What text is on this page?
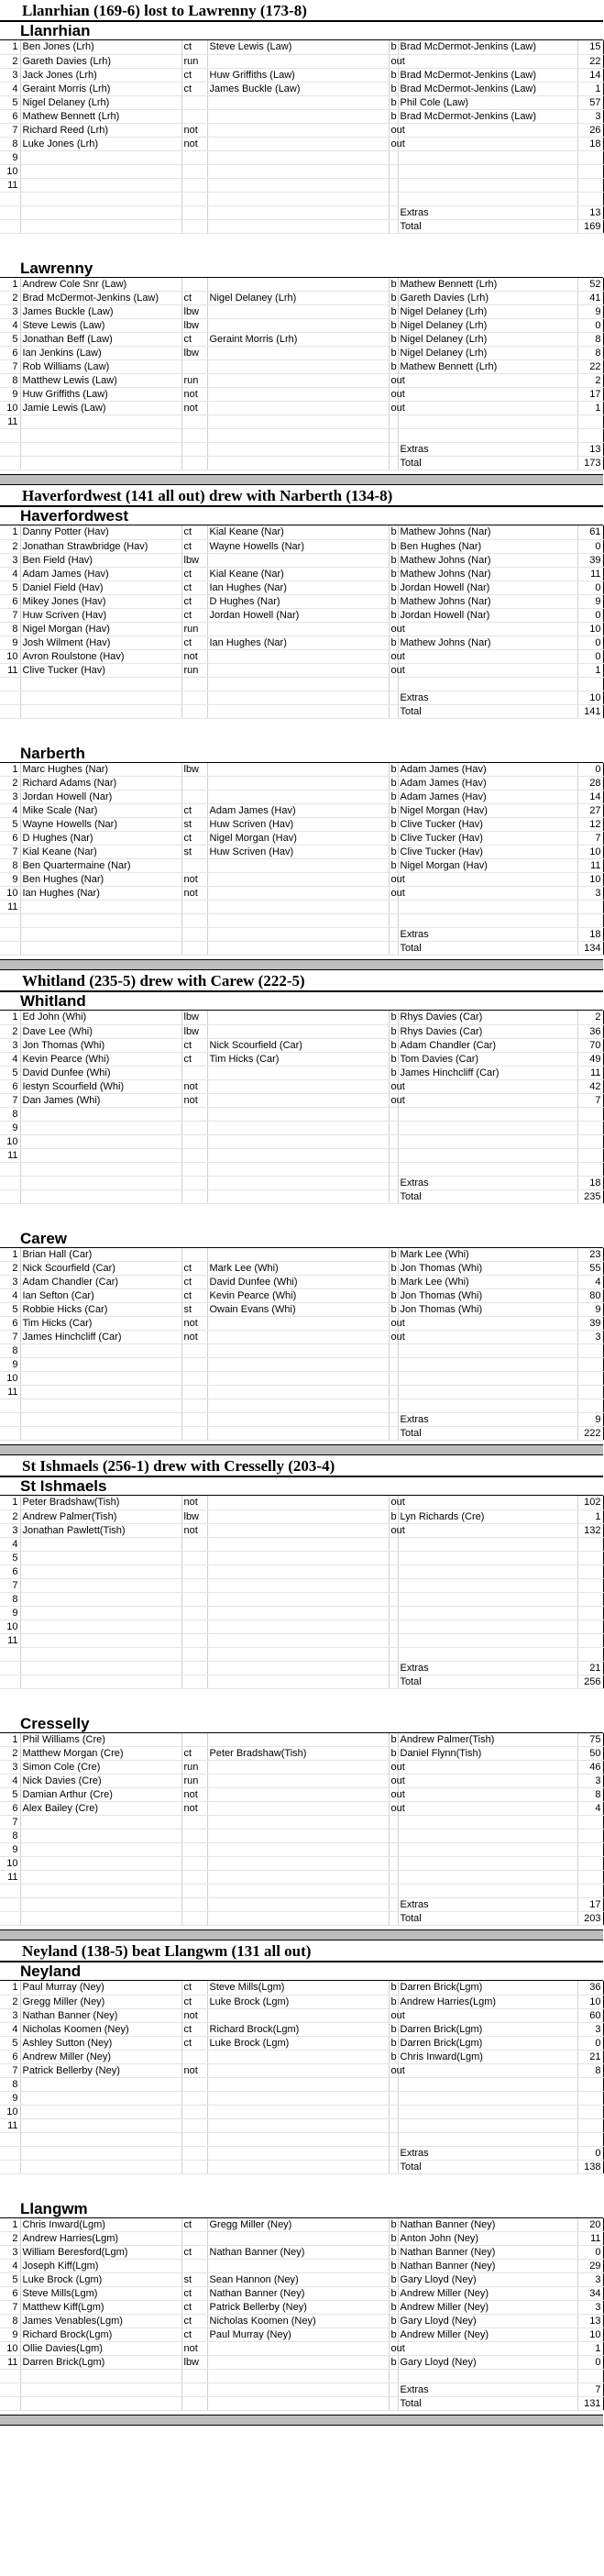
Llanrhian (169-6) lost to Lawrenny (173-8)
Llanrhian
1	Ben Jones (Lrh)	ct	Steve Lewis (Law)	b	Brad McDermot-Jenkins (Law)	15
2	Gareth Davies (Lrh)	run		out		22
3	Jack Jones (Lrh)	ct	Huw Griffiths (Law)	b	Brad McDermot-Jenkins (Law)	14
4	Geraint Morris (Lrh)	ct	James Buckle (Law)	b	Brad McDermot-Jenkins (Law)	1
5	Nigel Delaney (Lrh)			b	Phil Cole (Law)	57
6	Mathew Bennett (Lrh)			b	Brad McDermot-Jenkins (Law)	3
7	Richard Reed (Lrh)	not		out		26
8	Luke Jones (Lrh)	not		out		18
9						
10						
11						

					Extras	13
					Total	169
Lawrenny
1	Andrew Cole Snr (Law)			b	Mathew Bennett (Lrh)	52
2	Brad McDermot-Jenkins (Law)	ct	Nigel Delaney (Lrh)	b	Gareth Davies (Lrh)	41
3	James Buckle (Law)	lbw		b	Nigel Delaney (Lrh)	9
4	Steve Lewis (Law)	lbw		b	Nigel Delaney (Lrh)	0
5	Jonathan Beff (Law)	ct	Geraint Morris (Lrh)	b	Nigel Delaney (Lrh)	8
6	Ian Jenkins (Law)	lbw		b	Nigel Delaney (Lrh)	8
7	Rob Williams (Law)			b	Mathew Bennett (Lrh)	22
8	Matthew Lewis (Law)	run		out		2
9	Huw Griffiths (Law)	not		out		17
10	Jamie Lewis (Law)	not		out		1
11						

					Extras	13
					Total	173
Haverfordwest (141 all out) drew with Narberth (134-8)
Haverfordwest
1	Danny Potter (Hav)	ct	Kial Keane (Nar)	b	Mathew Johns (Nar)	61
2	Jonathan Strawbridge (Hav)	ct	Wayne Howells (Nar)	b	Ben Hughes (Nar)	0
3	Ben Field (Hav)	lbw		b	Mathew Johns (Nar)	39
4	Adam James (Hav)	ct	Kial Keane (Nar)	b	Mathew Johns (Nar)	11
5	Daniel Field (Hav)	ct	Ian Hughes (Nar)	b	Jordan Howell (Nar)	0
6	Mikey Jones (Hav)	ct	D Hughes (Nar)	b	Mathew Johns (Nar)	9
7	Huw Scriven (Hav)	ct	Jordan Howell (Nar)	b	Jordan Howell (Nar)	0
8	Nigel Morgan (Hav)	run		out		10
9	Josh Wilment (Hav)	ct	Ian Hughes (Nar)	b	Mathew Johns (Nar)	0
10	Avron Roulstone (Hav)	not		out		0
11	Clive Tucker (Hav)	run		out		1

					Extras	10
					Total	141
Narberth
1	Marc Hughes (Nar)	lbw		b	Adam James (Hav)	0
2	Richard Adams (Nar)			b	Adam James (Hav)	28
3	Jordan Howell (Nar)			b	Adam James (Hav)	14
4	Mike Scale (Nar)	ct	Adam James (Hav)	b	Nigel Morgan (Hav)	27
5	Wayne Howells (Nar)	st	Huw Scriven (Hav)	b	Clive Tucker (Hav)	12
6	D Hughes (Nar)	ct	Nigel Morgan (Hav)	b	Clive Tucker (Hav)	7
7	Kial Keane (Nar)	st	Huw Scriven (Hav)	b	Clive Tucker (Hav)	10
8	Ben Quartermaine (Nar)			b	Nigel Morgan (Hav)	11
9	Ben Hughes (Nar)	not		out		10
10	Ian Hughes (Nar)	not		out		3
11						

					Extras	18
					Total	134
Whitland (235-5) drew with Carew (222-5)
Whitland
1	Ed John (Whi)	lbw		b	Rhys Davies (Car)	2
2	Dave Lee (Whi)	lbw		b	Rhys Davies (Car)	36
3	Jon Thomas (Whi)	ct	Nick Scourfield (Car)	b	Adam Chandler (Car)	70
4	Kevin Pearce (Whi)	ct	Tim Hicks (Car)	b	Tom Davies (Car)	49
5	David Dunfee (Whi)			b	James Hinchcliff (Car)	11
6	Iestyn Scourfield (Whi)	not		out		42
7	Dan James (Whi)	not		out		7
8						
9						
10						
11						

					Extras	18
					Total	235
Carew
1	Brian Hall (Car)			b	Mark Lee (Whi)	23
2	Nick Scourfield (Car)	ct	Mark Lee (Whi)	b	Jon Thomas (Whi)	55
3	Adam Chandler (Car)	ct	David Dunfee (Whi)	b	Mark Lee (Whi)	4
4	Ian Sefton (Car)	ct	Kevin Pearce (Whi)	b	Jon Thomas (Whi)	80
5	Robbie Hicks (Car)	st	Owain Evans (Whi)	b	Jon Thomas (Whi)	9
6	Tim Hicks (Car)	not		out		39
7	James Hinchcliff (Car)	not		out		3
8						
9						
10						
11						

					Extras	9
					Total	222
St Ishmaels (256-1) drew with Cresselly (203-4)
St Ishmaels
1	Peter Bradshaw(Tish)	not		out		102
2	Andrew Palmer(Tish)	lbw		b	Lyn Richards (Cre)	1
3	Jonathan Pawlett(Tish)	not		out		132
4						
5						
6						
7						
8						
9						
10						
11						

					Extras	21
					Total	256
Cresselly
1	Phil Williams (Cre)			b	Andrew Palmer(Tish)	75
2	Matthew Morgan (Cre)	ct	Peter Bradshaw(Tish)	b	Daniel Flynn(Tish)	50
3	Simon Cole (Cre)	run		out		46
4	Nick Davies (Cre)	run		out		3
5	Damian Arthur (Cre)	not		out		8
6	Alex Bailey (Cre)	not		out		4
7						
8						
9						
10						
11						

					Extras	17
					Total	203
Neyland (138-5) beat Llangwm (131 all out)
Neyland
1	Paul Murray (Ney)	ct	Steve Mills(Lgm)	b	Darren Brick(Lgm)	36
2	Gregg Miller (Ney)	ct	Luke Brock (Lgm)	b	Andrew Harries(Lgm)	10
3	Nathan Banner (Ney)	not		out		60
4	Nicholas Koomen (Ney)	ct	Richard Brock(Lgm)	b	Darren Brick(Lgm)	3
5	Ashley Sutton (Ney)	ct	Luke Brock (Lgm)	b	Darren Brick(Lgm)	0
6	Andrew Miller (Ney)			b	Chris Inward(Lgm)	21
7	Patrick Bellerby (Ney)	not		out		8
8						
9						
10						
11						

					Extras	0
					Total	138
Llangwm
1	Chris Inward(Lgm)	ct	Gregg Miller (Ney)	b	Nathan Banner (Ney)	20
2	Andrew Harries(Lgm)			b	Anton John (Ney)	11
3	William Beresford(Lgm)	ct	Nathan Banner (Ney)	b	Nathan Banner (Ney)	0
4	Joseph Kiff(Lgm)			b	Nathan Banner (Ney)	29
5	Luke Brock (Lgm)	st	Sean Hannon (Ney)	b	Gary Lloyd (Ney)	3
6	Steve Mills(Lgm)	ct	Nathan Banner (Ney)	b	Andrew Miller (Ney)	34
7	Matthew Kiff(Lgm)	ct	Patrick Bellerby (Ney)	b	Andrew Miller (Ney)	3
8	James Venables(Lgm)	ct	Nicholas Koomen (Ney)	b	Gary Lloyd (Ney)	13
9	Richard Brock(Lgm)	ct	Paul Murray (Ney)	b	Andrew Miller (Ney)	10
10	Ollie Davies(Lgm)	not		out		1
11	Darren Brick(Lgm)	lbw		b	Gary Lloyd (Ney)	0

					Extras	7
					Total	131
